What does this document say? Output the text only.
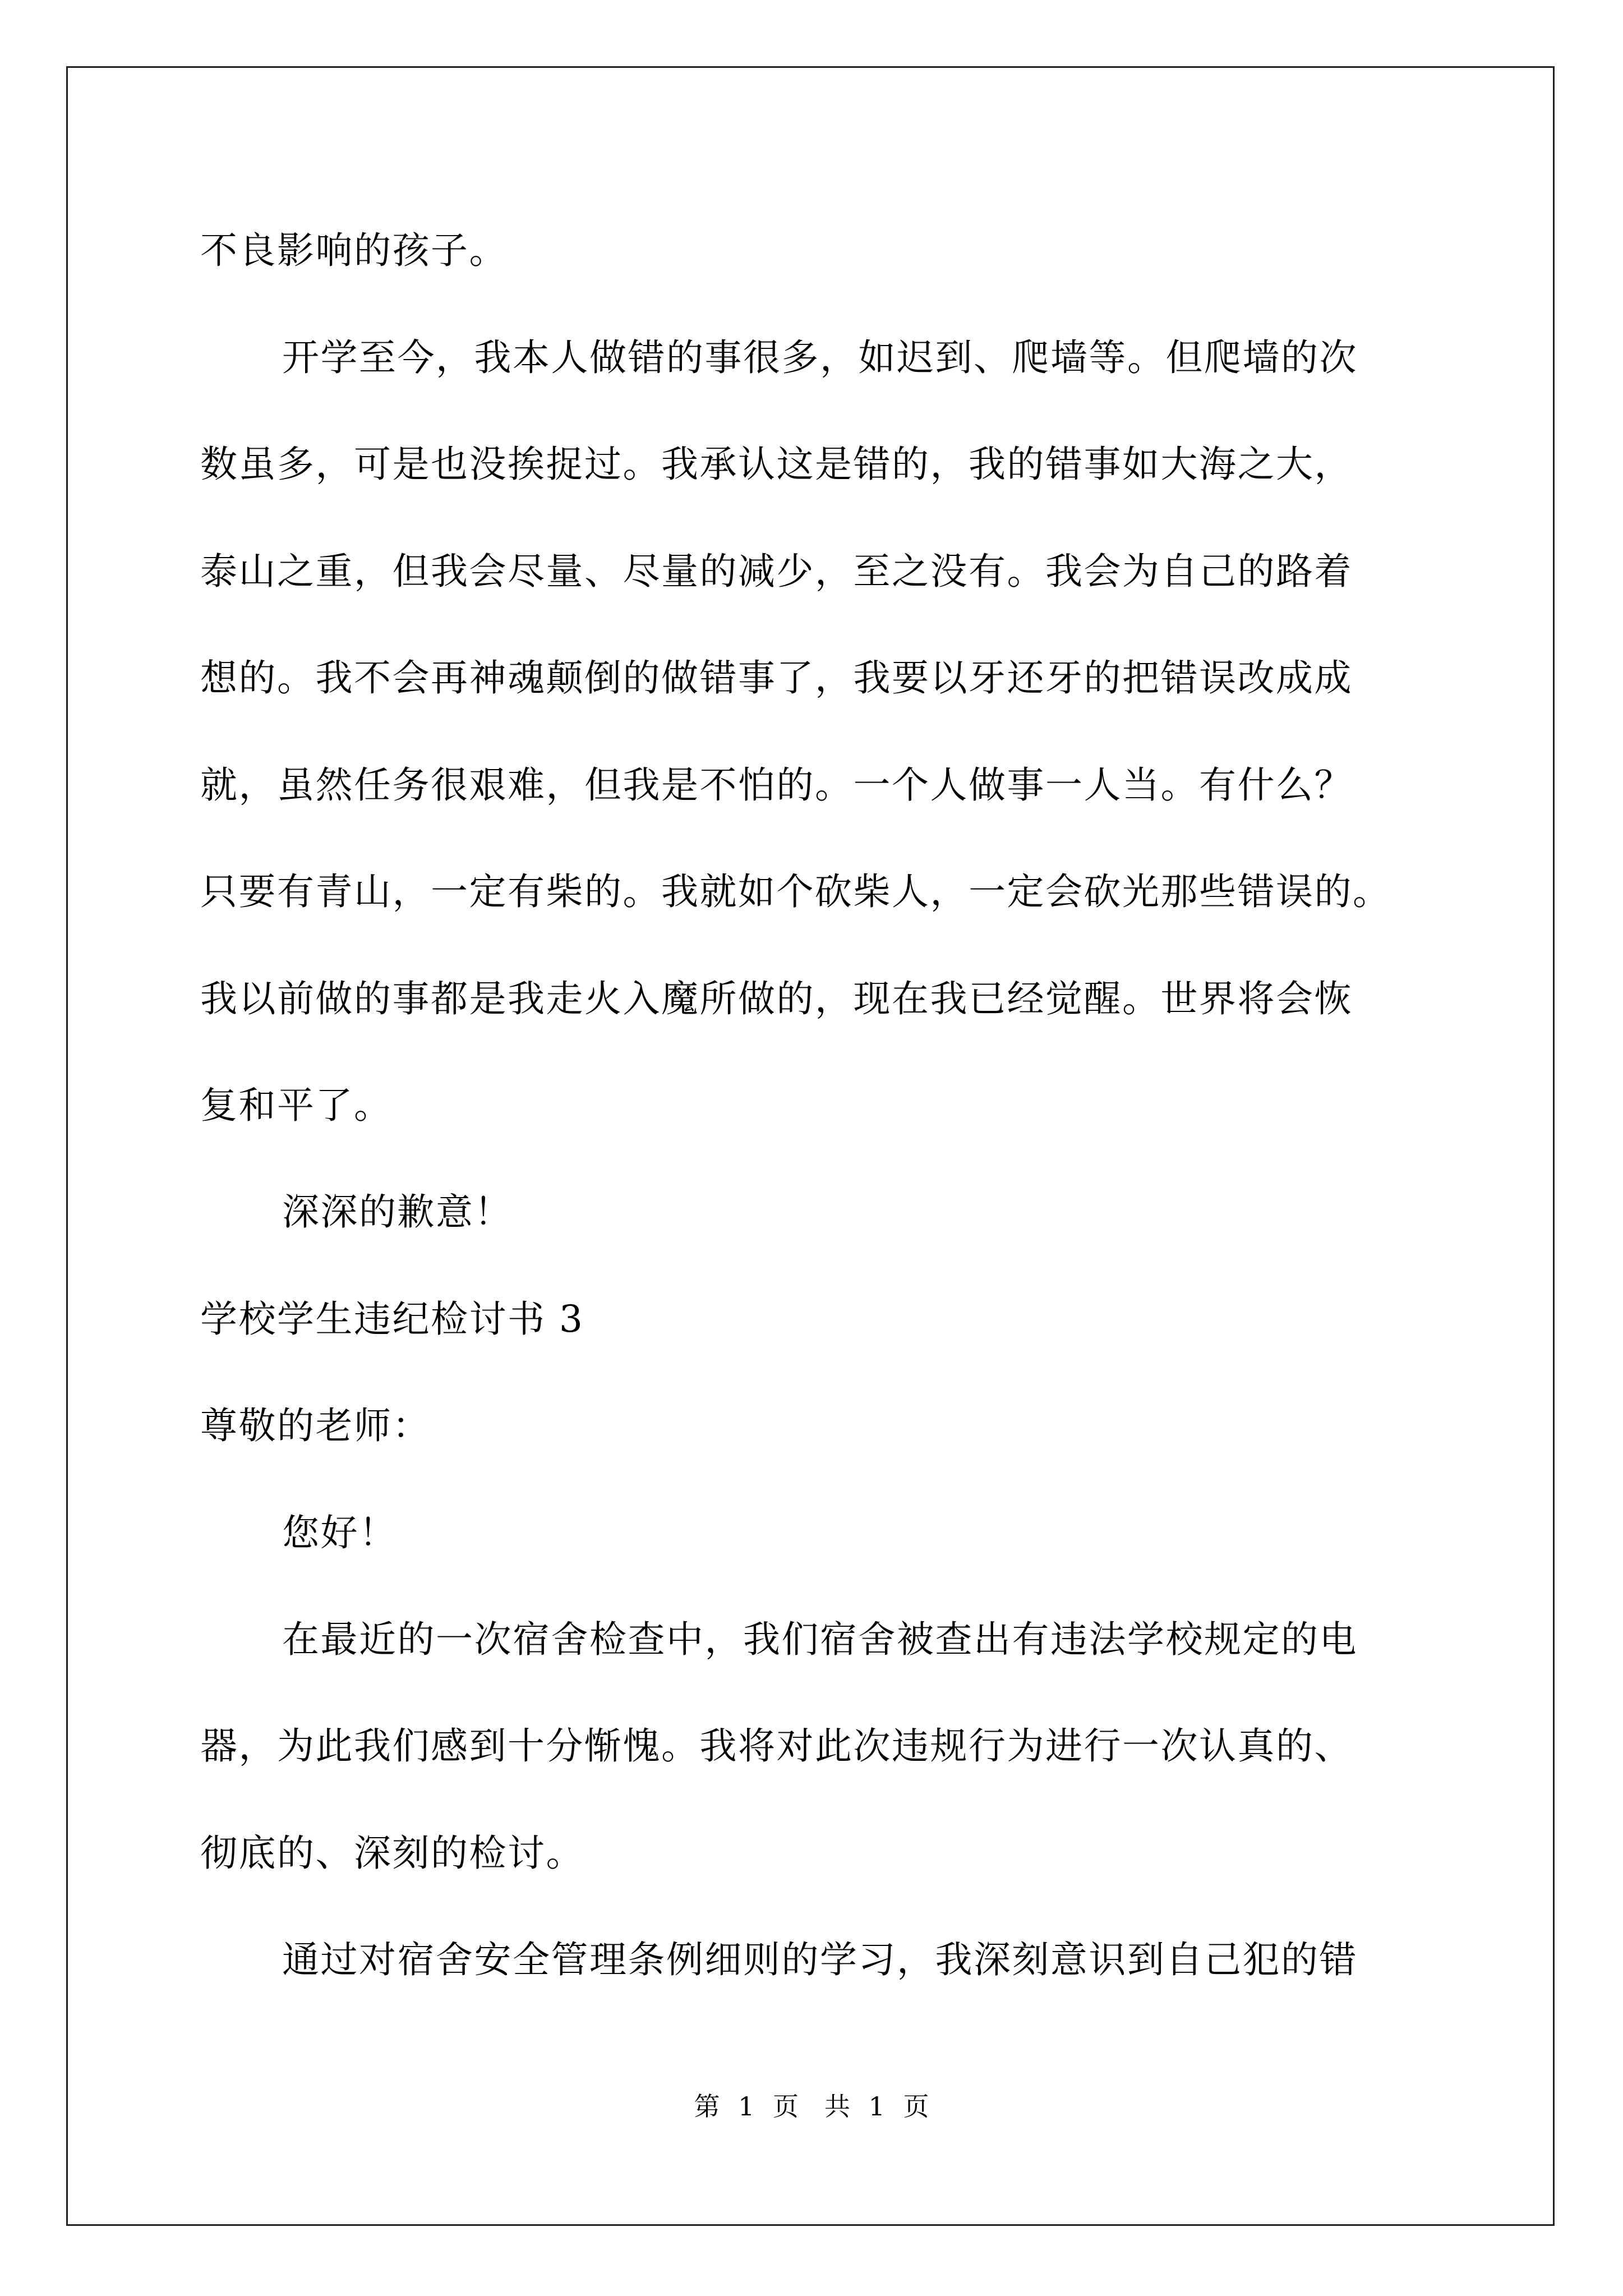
不良影响的孩子。
开学至今，我本人做错的事很多，如迟到、爬墙等。但爬墙的次
数虽多，可是也没挨捉过。我承认这是错的，我的错事如大海之大，
泰山之重，但我会尽量、尽量的减少，至之没有。我会为自己的路着
想的。我不会再神魂颠倒的做错事了，我要以牙还牙的把错误改成成
就，虽然任务很艰难，但我是不怕的。一个人做事一人当。有什么？
只要有青山，一定有柴的。我就如个砍柴人，一定会砍光那些错误的。
我以前做的事都是我走火入魔所做的，现在我已经觉醒。世界将会恢
复和平了。
深深的歉意！
学校学生违纪检讨书 3
尊敬的老师：
您好！
在最近的一次宿舍检查中，我们宿舍被查出有违法学校规定的电
器，为此我们感到十分惭愧。我将对此次违规行为进行一次认真的、
彻底的、深刻的检讨。
通过对宿舍安全管理条例细则的学习，我深刻意识到自己犯的错
第 1 页　共 1 页
